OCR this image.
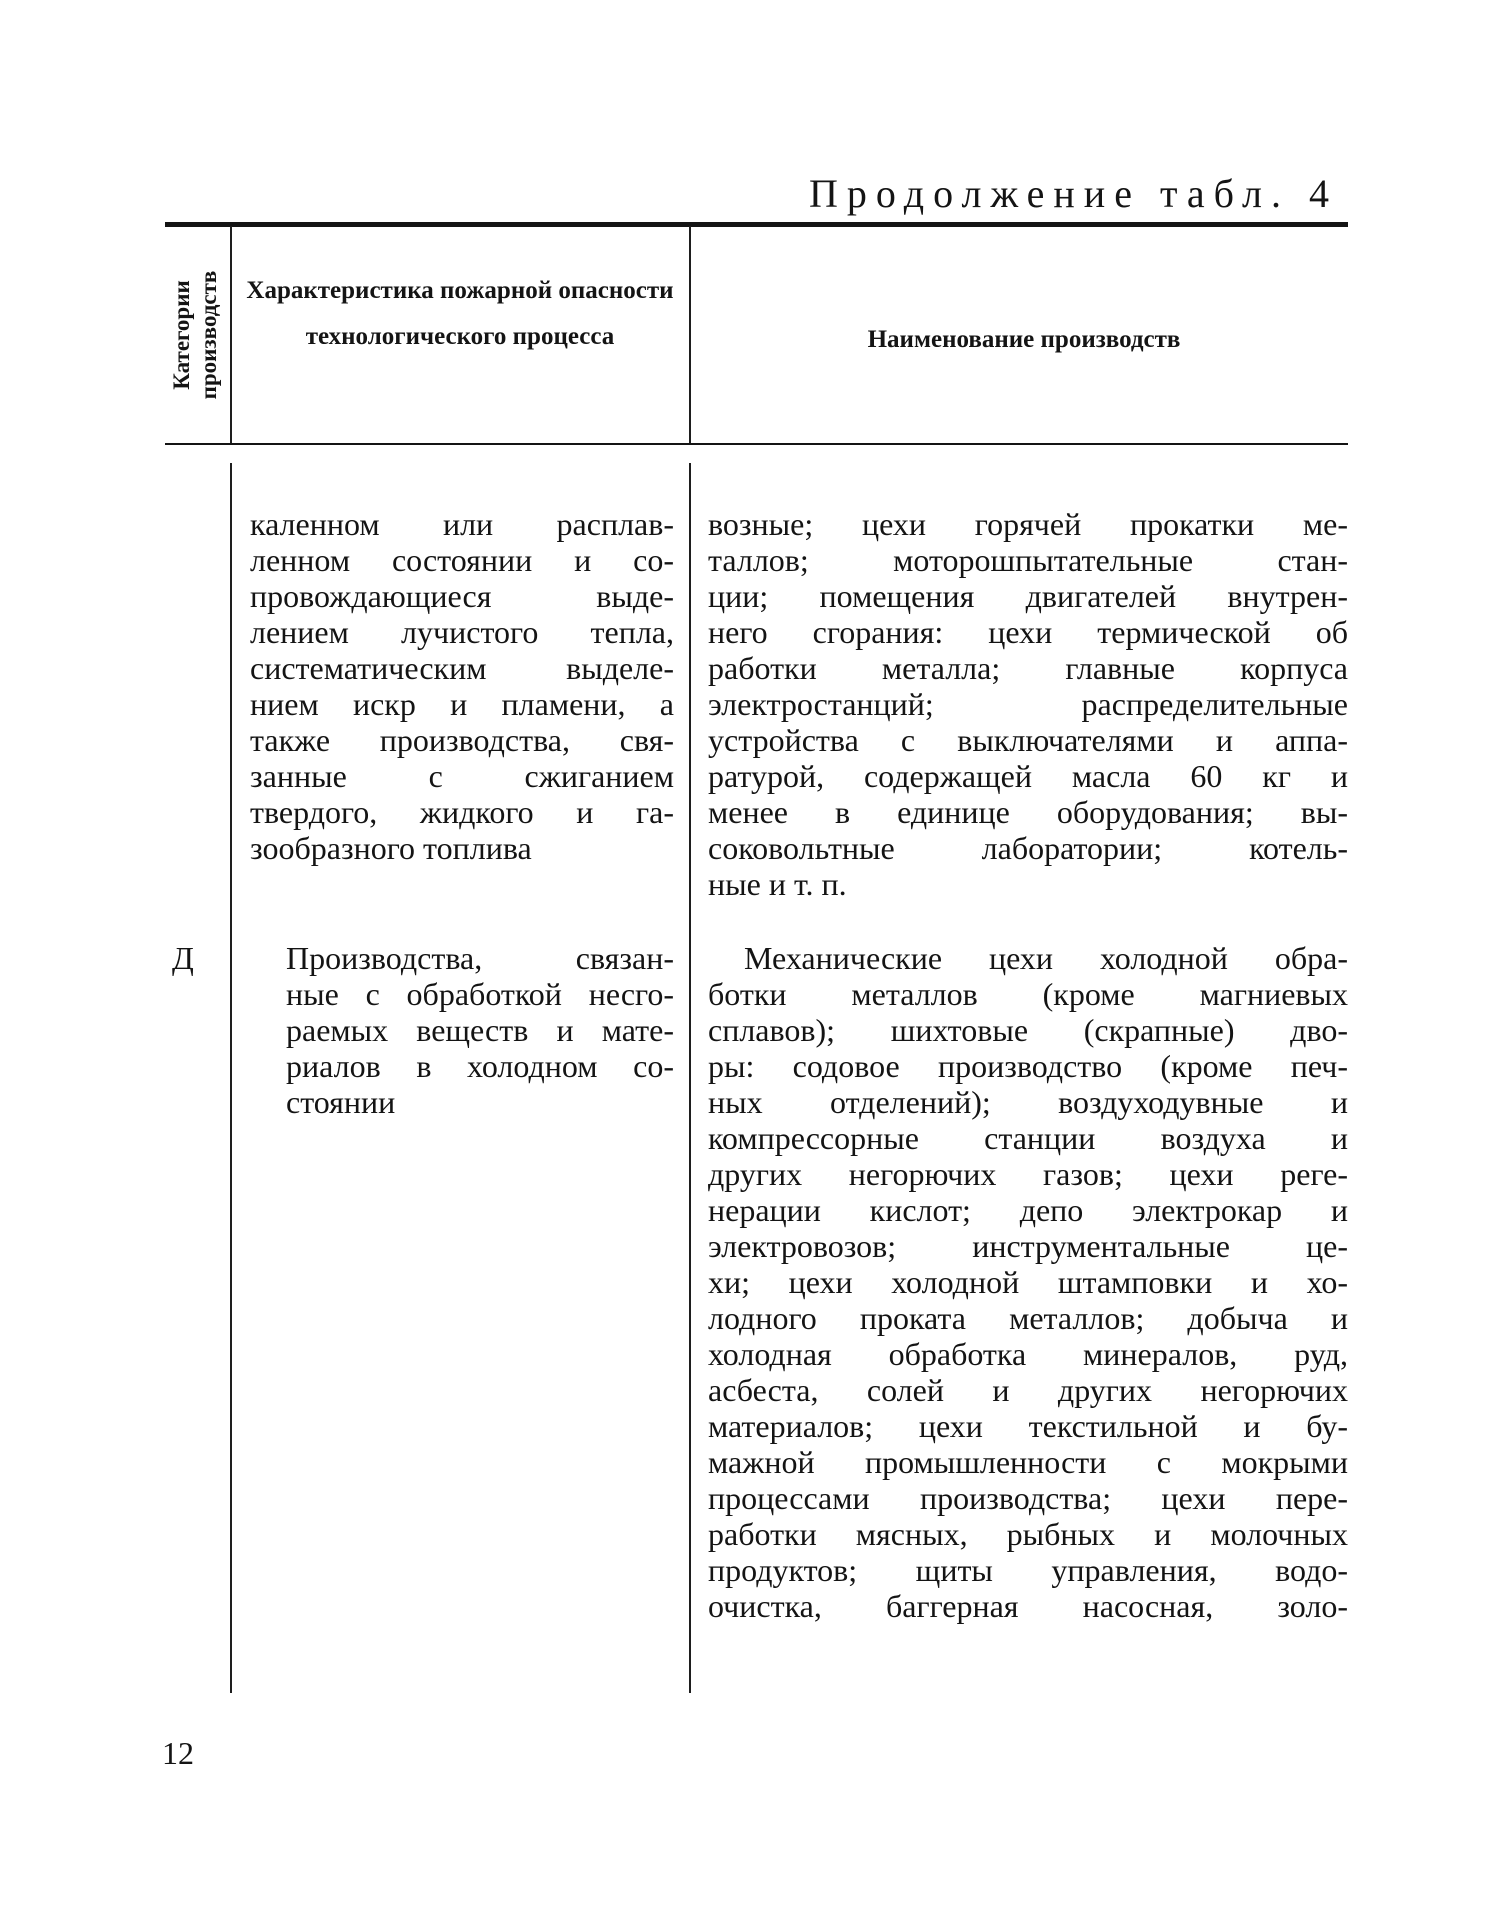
Продолжение табл. 4
Категории производств Характеристика пожарной опасности технологического процесса	Наименование производств
каленном или расплав-
ленном состоянии и со-
провождающиеся выде-
лением лучистого тепла,
систематическим выделе-
нием искр и пламени, а
также производства, свя-
занные с сжиганием
твердого, жидкого и га-
зообразного топлива
возные; цехи горячей прокатки ме-
таллов; моторошпытательные стан-
ции; помещения двигателей внутрен-
него сгорания: цехи термической об
работки металла; главные корпуса
электростанций; распределительные
устройства с выключателями и аппа-
ратурой, содержащей масла 60 кг и
менее в единице оборудования; вы-
соковольтные лаборатории; котель-
ные и т. п.
Д	Производства, связан-
ные с обработкой несго-
раемых веществ и мате-
риалов в холодном со-
стоянии
Механические цехи холодной обра-
ботки металлов (кроме магниевых
сплавов); шихтовые (скрапные) дво-
ры: содовое производство (кроме печ-
ных отделений); воздуходувные и
компрессорные станции воздуха и
других негорючих газов; цехи реге-
нерации кислот; депо электрокар и
электровозов; инструментальные це-
хи; цехи холодной штамповки и хо-
лодного проката металлов; добыча и
холодная обработка минералов, руд,
асбеста, солей и других негорючих
материалов; цехи текстильной и бу-
мажной промышленности с мокрыми
процессами производства; цехи пере-
работки мясных, рыбных и молочных
продуктов; щиты управления, водо-
очистка, баггерная насосная, золо-
12
